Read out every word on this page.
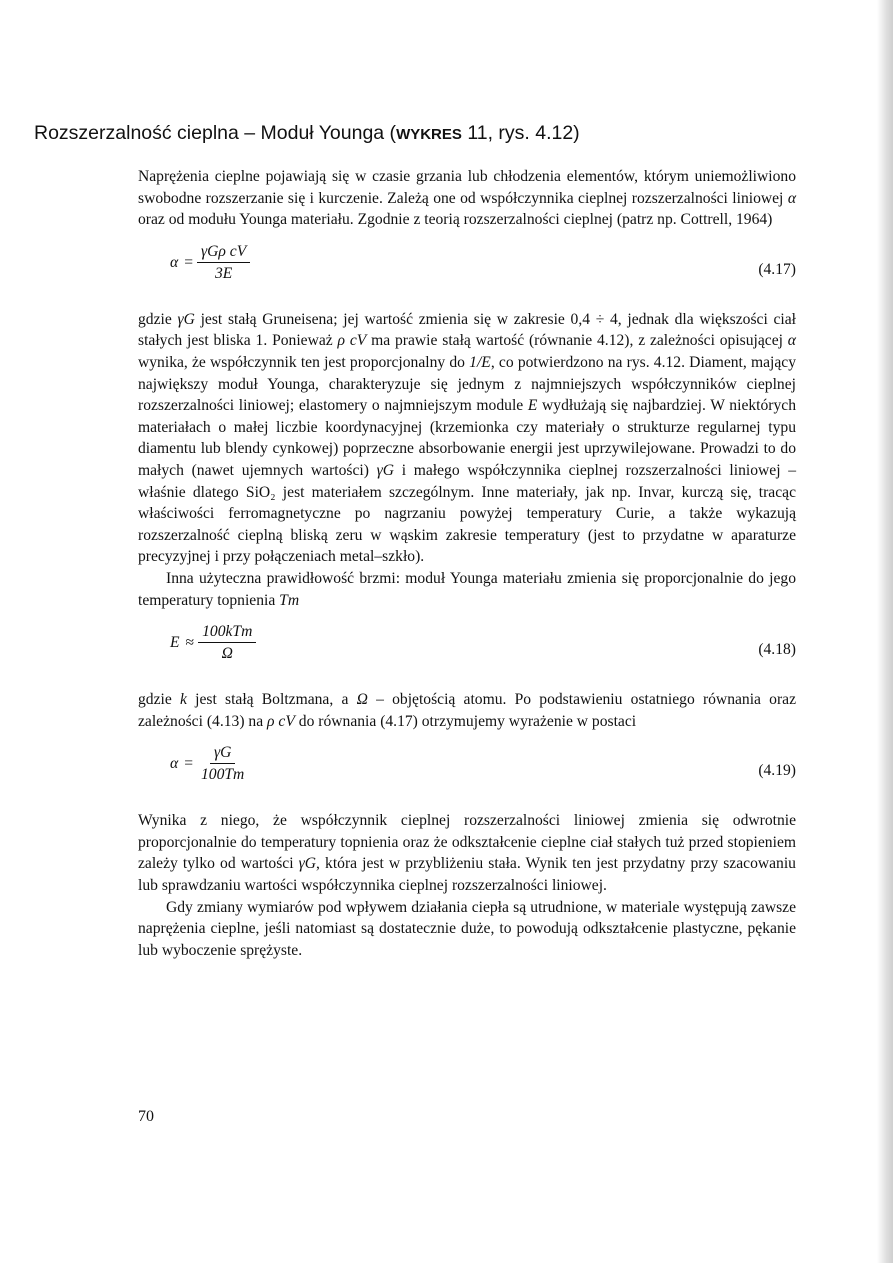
Rozszerzalność cieplna – Moduł Younga (WYKRES 11, rys. 4.12)

Naprężenia cieplne pojawiają się w czasie grzania lub chłodzenia elementów, którym uniemożliwiono swobodne rozszerzanie się i kurczenie. Zależą one od współczynnika cieplnej rozszerzalności liniowej α oraz od modułu Younga materiału. Zgodnie z teorią rozszerzalności cieplnej (patrz np. Cottrell, 1964)

$\alpha = \frac{\text{γGρ cV}}{3E}$	(4.17)

gdzie γG jest stałą Gruneisena; jej wartość zmienia się w zakresie 0,4 ÷ 4, jednak dla większości ciał stałych jest bliska 1. Ponieważ ρ cV ma prawie stałą wartość (równanie 4.12), z zależności opisującej α wynika, że współczynnik ten jest proporcjonalny do 1/E, co potwierdzono na rys. 4.12. Diament, mający największy moduł Younga, charakteryzuje się jednym z najmniejszych współczynników cieplnej rozszerzalności liniowej; elastomery o najmniejszym module E wydłużają się najbardziej. W niektórych materiałach o małej liczbie koordynacyjnej (krzemionka czy materiały o strukturze regularnej typu diamentu lub blendy cynkowej) poprzeczne absorbowanie energii jest uprzywilejowane. Prowadzi to do małych (nawet ujemnych wartości) γG i małego współczynnika cieplnej rozszerzalności liniowej – właśnie dlatego SiO₂ jest materiałem szczególnym. Inne materiały, jak np. Invar, kurczą się, tracąc właściwości ferromagnetyczne po nagrzaniu powyżej temperatury Curie, a także wykazują rozszerzalność cieplną bliską zeru w wąskim zakresie temperatury (jest to przydatne w aparaturze precyzyjnej i przy połączeniach metal–szkło).

Inna użyteczna prawidłowość brzmi: moduł Younga materiału zmienia się proporcjonalnie do jego temperatury topnienia Tm

$E \approx \frac{\text{100kTm}}{\Omega}$	(4.18)

gdzie k jest stałą Boltzmana, a Ω – objętością atomu. Po podstawieniu ostatniego równania oraz zależności (4.13) na ρ cV do równania (4.17) otrzymujemy wyrażenie w postaci

$\alpha = \frac{\gamma G}{100Tm}$	(4.19)

Wynika z niego, że współczynnik cieplnej rozszerzalności liniowej zmienia się odwrotnie proporcjonalnie do temperatury topnienia oraz że odkształcenie cieplne ciał stałych tuż przed stopieniem zależy tylko od wartości γG, która jest w przybliżeniu stała. Wynik ten jest przydatny przy szacowaniu lub sprawdzaniu wartości współczynnika cieplnej rozszerzalności liniowej.

Gdy zmiany wymiarów pod wpływem działania ciepła są utrudnione, w materiale występują zawsze naprężenia cieplne, jeśli natomiast są dostatecznie duże, to powodują odkształcenie plastyczne, pękanie lub wyboczenie sprężyste.

70
